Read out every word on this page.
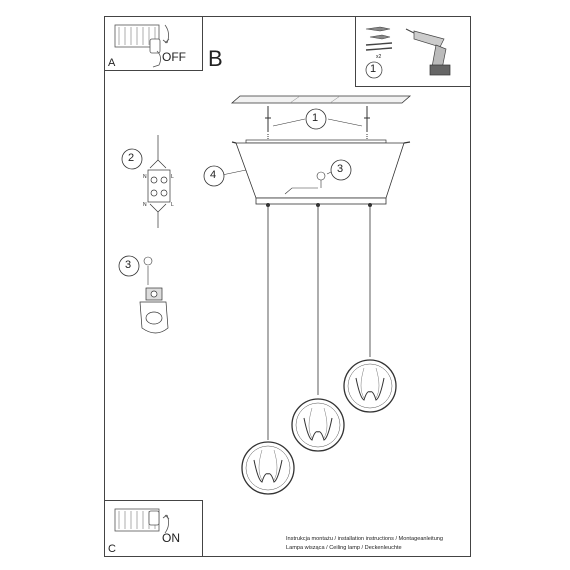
A	OFF	x2
1
B
N	L
N	L
1
3
4
2
3
C
ON	Instrukcja montażu / installation instructions / Montageanleitung
Lampa wisząca / Ceiling lamp / Deckenleuchte
